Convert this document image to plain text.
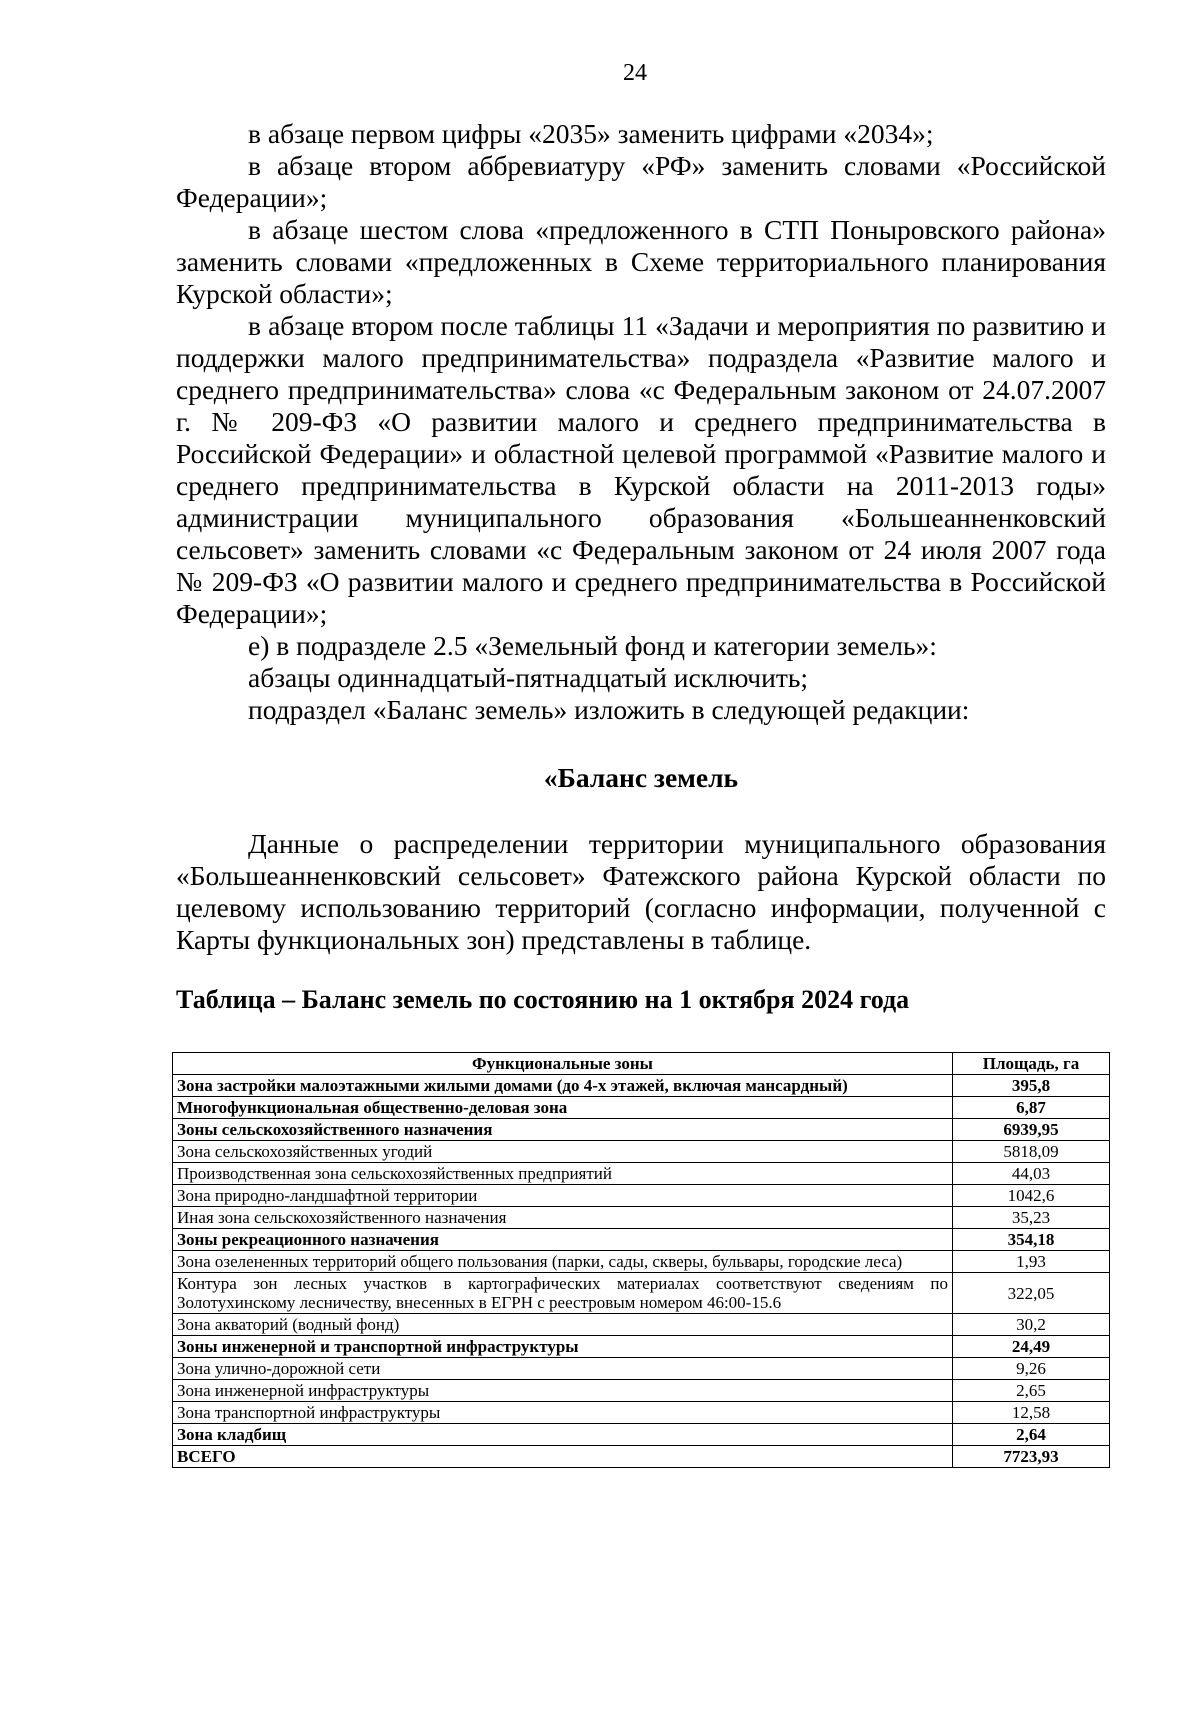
24

в абзаце первом цифры «2035» заменить цифрами «2034»;

в абзаце втором аббревиатуру «РФ» заменить словами «Российской Федерации»;

в абзаце шестом слова «предложенного в СТП Поныровского района» заменить словами «предложенных в Схеме территориального планирования Курской области»;

в абзаце втором после таблицы 11 «Задачи и мероприятия по развитию и поддержки малого предпринимательства» подраздела «Развитие малого и среднего предпринимательства» слова «с Федеральным законом от 24.07.2007 г. № 209-ФЗ «О развитии малого и среднего предпринимательства в Российской Федерации» и областной целевой программой «Развитие малого и среднего предпринимательства в Курской области на 2011-2013 годы» администрации муниципального образования «Большеанненковский сельсовет» заменить словами «с Федеральным законом от 24 июля 2007 года № 209-ФЗ «О развитии малого и среднего предпринимательства в Российской Федерации»;

е) в подразделе 2.5 «Земельный фонд и категории земель»:

абзацы одиннадцатый-пятнадцатый исключить;

подраздел «Баланс земель» изложить в следующей редакции:

«Баланс земель

Данные о распределении территории муниципального образования «Большеанненковский сельсовет» Фатежского района Курской области по целевому использованию территорий (согласно информации, полученной с Карты функциональных зон) представлены в таблице.

Таблица – Баланс земель по состоянию на 1 октября 2024 года
Функциональные зоны	Площадь, га
Зона застройки малоэтажными жилыми домами (до 4-х этажей, включая мансардный)	395,8
Многофункциональная общественно-деловая зона	6,87
Зоны сельскохозяйственного назначения	6939,95
Зона сельскохозяйственных угодий	5818,09
Производственная зона сельскохозяйственных предприятий	44,03
Зона природно-ландшафтной территории	1042,6
Иная зона сельскохозяйственного назначения	35,23
Зоны рекреационного назначения	354,18
Зона озелененных территорий общего пользования (парки, сады, скверы, бульвары, городские леса)	1,93
Контура зон лесных участков в картографических материалах соответствуют сведениям по Золотухинскому лесничеству, внесенных в ЕГРН с реестровым номером 46:00-15.6	322,05
Зона акваторий (водный фонд)	30,2
Зоны инженерной и транспортной инфраструктуры	24,49
Зона улично-дорожной сети	9,26
Зона инженерной инфраструктуры	2,65
Зона транспортной инфраструктуры	12,58
Зона кладбищ	2,64
ВСЕГО	7723,93
